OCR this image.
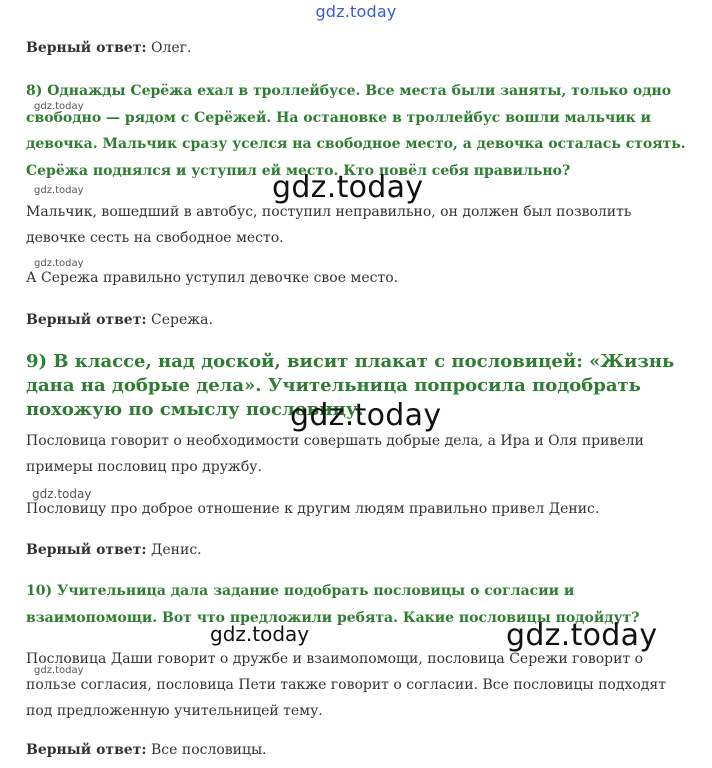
gdz.today
Верный ответ: Олег.
8) Однажды Серёжа ехал в троллейбусе. Все места были заняты, только одно свободно — рядом с Серёжей. На остановке в троллейбус вошли мальчик и девочка. Мальчик сразу уселся на свободное место, а девочка осталась стоять. Серёжа поднялся и уступил ей место. Кто повёл себя правильно?
gdz.today
gdz.today	gdz.today
Мальчик, вошедший в автобус, поступил неправильно, он должен был позволить девочке сесть на свободное место.
gdz.today
А Сережа правильно уступил девочке свое место.
Верный ответ: Сережа.
9) В классе, над доской, висит плакат с пословицей: «Жизнь дана на добрые дела». Учительница попросила подобрать похожую по смыслу пословицу.
gdz.today
Пословица говорит о необходимости совершать добрые дела, а Ира и Оля привели примеры пословиц про дружбу.
gdz.today
Пословицу про доброе отношение к другим людям правильно привел Денис.
Верный ответ: Денис.
10) Учительница дала задание подобрать пословицы о согласии и взаимопомощи. Вот что предложили ребята. Какие пословицы подойдут?
gdz.today	gdz.today
Пословица Даши говорит о дружбе и взаимопомощи, пословица Сережи говорит о пользе согласия, пословица Пети также говорит о согласии. Все пословицы подходят под предложенную учительницей тему.
gdz.today
Верный ответ: Все пословицы.
